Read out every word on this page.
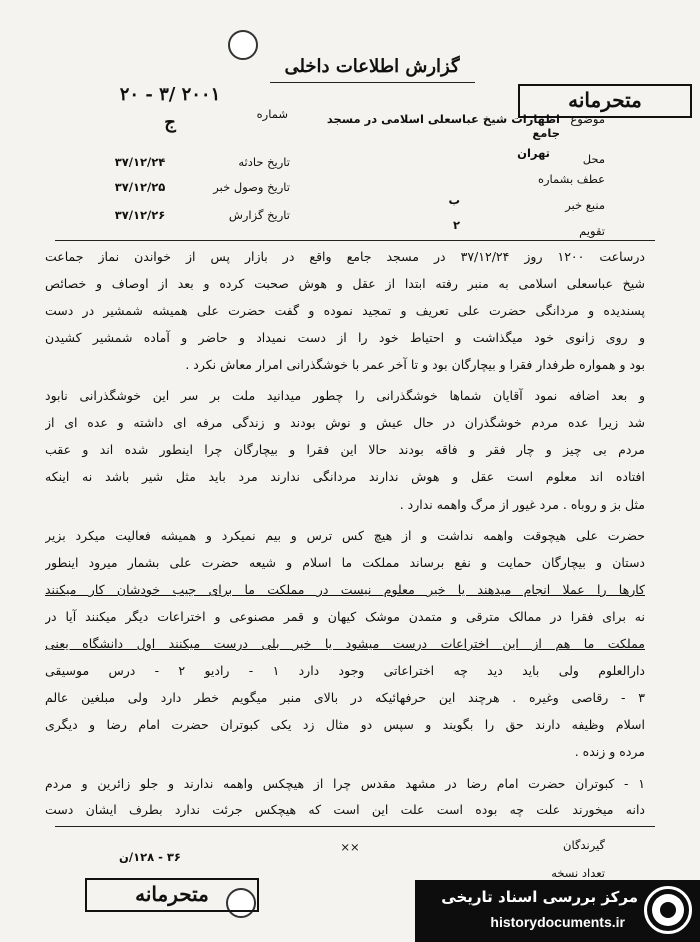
متحرمانه
گزارش اطلاعات داخلی
۲۰۰۱ /۳ - ۲۰
شماره
ج
تاریخ حادثه
۳۷/۱۲/۲۴
تاریخ وصول خبر
۳۷/۱۲/۲۵
تاریخ گزارش
۳۷/۱۲/۲۶
موضوع
اظهارات شیخ عباسعلی اسلامی در مسجد جامع
محل
تهران
عطف بشماره
منبع خبر
ب
تقویم
۲
درساعت ۱۲۰۰ روز ۳۷/۱۲/۲۴ در مسجد جامع واقع در بازار پس از خواندن نماز جماعت
شیخ عباسعلی اسلامی به منبر رفته ابتدا از عقل و هوش صحبت کرده و بعد از اوصاف و خصائص
پسندیده و مردانگی حضرت علی تعریف و تمجید نموده و گفت حضرت علی همیشه شمشیر در دست
و روی زانوی خود میگذاشت و احتیاط خود را از دست نمیداد و حاضر و آماده شمشیر کشیدن
بود و همواره طرفدار فقرا و بیچارگان بود و تا آخر عمر با خوشگذرانی امرار معاش نکرد .
و بعد اضافه نمود آقایان شماها خوشگذرانی را چطور میدانید ملت بر سر این خوشگذرانی نابود
شد زیرا عده مردم خوشگذران در حال عیش و نوش بودند و زندگی مرفه ای داشته و عده ای از
مردم بی چیز و چار فقر و فاقه بودند حالا این فقرا و بیچارگان چرا اینطور شده اند و عقب
افتاده اند معلوم است عقل و هوش ندارند مردانگی ندارند مرد باید مثل شیر باشد نه اینکه
مثل بز و روباه . مرد غیور از مرگ واهمه ندارد .
حضرت علی هیچوقت واهمه نداشت و از هیچ کس ترس و بیم نمیکرد و همیشه فعالیت میکرد بزیر
دستان و بیچارگان حمایت و نفع برساند مملکت ما اسلام و شیعه حضرت علی بشمار میرود اینطور
کارها را عملا انجام میدهند یا خیر معلوم نیست در مملکت ما برای جیب خودشان کار میکنند
نه برای فقرا در ممالک مترقی و متمدن موشک کیهان و قمر مصنوعی و اختراعات دیگر میکنند آیا در
مملکت ما هم از این اختراعات درست میشود یا خیر بلی درست میکنند اول دانشگاه یعنی
دارالعلوم ولی باید دید چه اختراعاتی وجود دارد ۱ - رادیو ۲ - درس موسیقی
۳ - رقاصی وغیره . هرچند این حرفهائیکه در بالای منبر میگویم خطر دارد ولی مبلغین عالم
اسلام وظیفه دارند حق را بگویند و سپس دو مثال زد یکی کبوتران حضرت امام رضا و دیگری
مرده و زنده .
۱ - کبوتران حضرت امام رضا در مشهد مقدس چرا از هیچکس واهمه ندارند و جلو زائرین و مردم
دانه میخورند علت چه بوده است علت این است که هیچکس جرئت ندارد بطرف ایشان دست
گیرندگان
تعداد نسخه
××
۳۶ - ۱۲۸/ن
متحرمانه	مرکز بررسی اسناد تاریخی
historydocuments.ir
